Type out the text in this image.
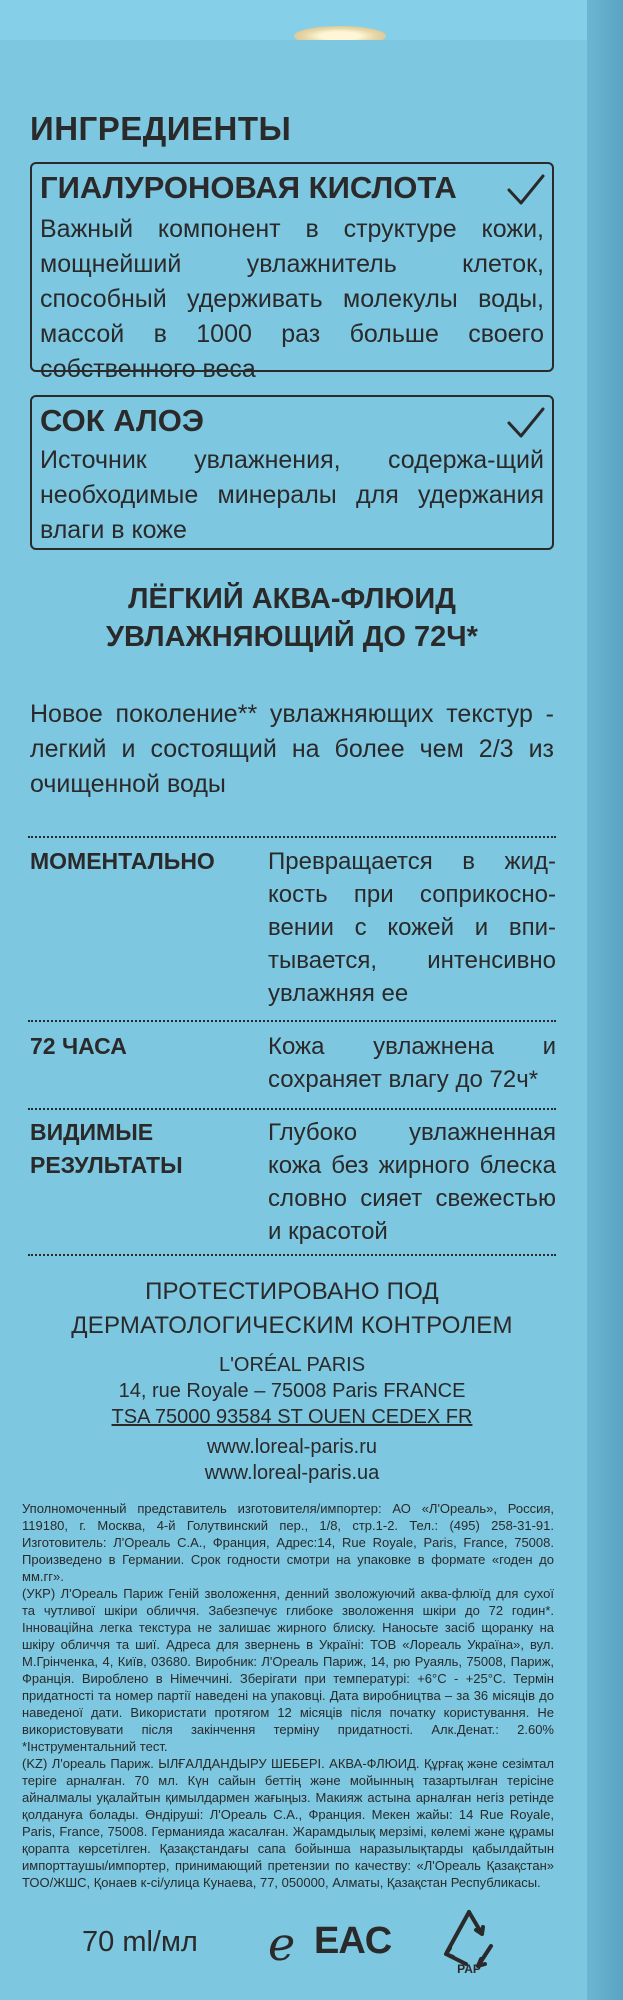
ИНГРЕДИЕНТЫ
ГИАЛУРОНОВАЯ КИСЛОТА
Важный компонент в структуре кожи, мощнейший увлажнитель клеток, способный удерживать молекулы воды, массой в 1000 раз больше своего собственного веса
СОК АЛОЭ
Источник увлажнения, содержа-щий необходимые минералы для удержания влаги в коже
ЛЁГКИЙ АКВА-ФЛЮИД
УВЛАЖНЯЮЩИЙ ДО 72Ч*
Новое поколение** увлажняющих текстур - легкий и состоящий на более чем 2/3 из очищенной воды
МОМЕНТАЛЬНО Превращается в жид-кость при соприкосно-вении с кожей и впи-тывается, интенсивно увлажняя ее
72 ЧАСА	Кожа увлажнена и сохраняет влагу до 72ч*
ВИДИМЫЕ РЕЗУЛЬТАТЫ
Глубоко увлажненная кожа без жирного блеска словно сияет свежестью и красотой
ПРОТЕСТИРОВАНО ПОД
ДЕРМАТОЛОГИЧЕСКИМ КОНТРОЛЕМ
L'ORÉAL PARIS
14, rue Royale – 75008 Paris FRANCE
TSA 75000 93584 ST OUEN CEDEX FR
www.loreal-paris.ru
www.loreal-paris.ua
Уполномоченный представитель изготовителя/импортер: АО «Л'Ореаль», Россия, 119180, г. Москва, 4-й Голутвинский пер., 1/8, стр.1-2. Тел.: (495) 258-31-91. Изготовитель: Л'Ореаль С.А., Франция, Адрес:14, Rue Royale, Paris, France, 75008. Произведено в Германии. Срок годности смотри на упаковке в формате «годен до мм.гг».
(УКР) Л'Ореаль Париж Геній зволоження, денний зволожуючий аква-флюїд для сухої та чутливої шкіри обличчя. Забезпечує глибоке зволоження шкіри до 72 годин*. Інноваційна легка текстура не залишає жирного блиску. Наносьте засіб щоранку на шкіру обличчя та шиї. Адреса для звернень в Україні: ТОВ «Лореаль Україна», вул. М.Грінченка, 4, Київ, 03680. Виробник: Л'Ореаль Париж, 14, рю Руаяль, 75008, Париж, Франція. Вироблено в Німеччині. Зберігати при температурі: +6°C - +25°C. Термін придатності та номер партії наведені на упаковці. Дата виробництва – за 36 місяців до наведеної дати. Використати протягом 12 місяців після початку користування. Не використовувати після закінчення терміну придатності. Алк.Денат.: 2.60% *Інструментальний тест.
(KZ) Л'ореаль Париж. ЫЛҒАЛДАНДЫРУ ШЕБЕРІ. АКВА-ФЛЮИД. Құрғақ және сезімтал теріге арналған. 70 мл. Күн сайын беттің және мойынның тазартылған терісіне айналмалы уқалайтын қимылдармен жағыңыз. Макияж астына арналған негіз ретінде қолдануға болады. Өндіруші: Л'Ореаль С.А., Франция. Мекен жайы: 14 Rue Royale, Paris, France, 75008. Германияда жасалған. Жарамдылық мерзімі, көлемі және құрамы қорапта көрсетілген. Қазақстандағы сапа бойынша наразылықтарды қабылдайтын импорттаушы/импортер, принимающий претензии по качеству: «Л'Ореаль Қазақстан» ТОО/ЖШС, Қонаев к-сі/улица Кунаева, 77, 050000, Алматы, Қазақстан Республикасы.
70 ml/мл e EAC
PAP
